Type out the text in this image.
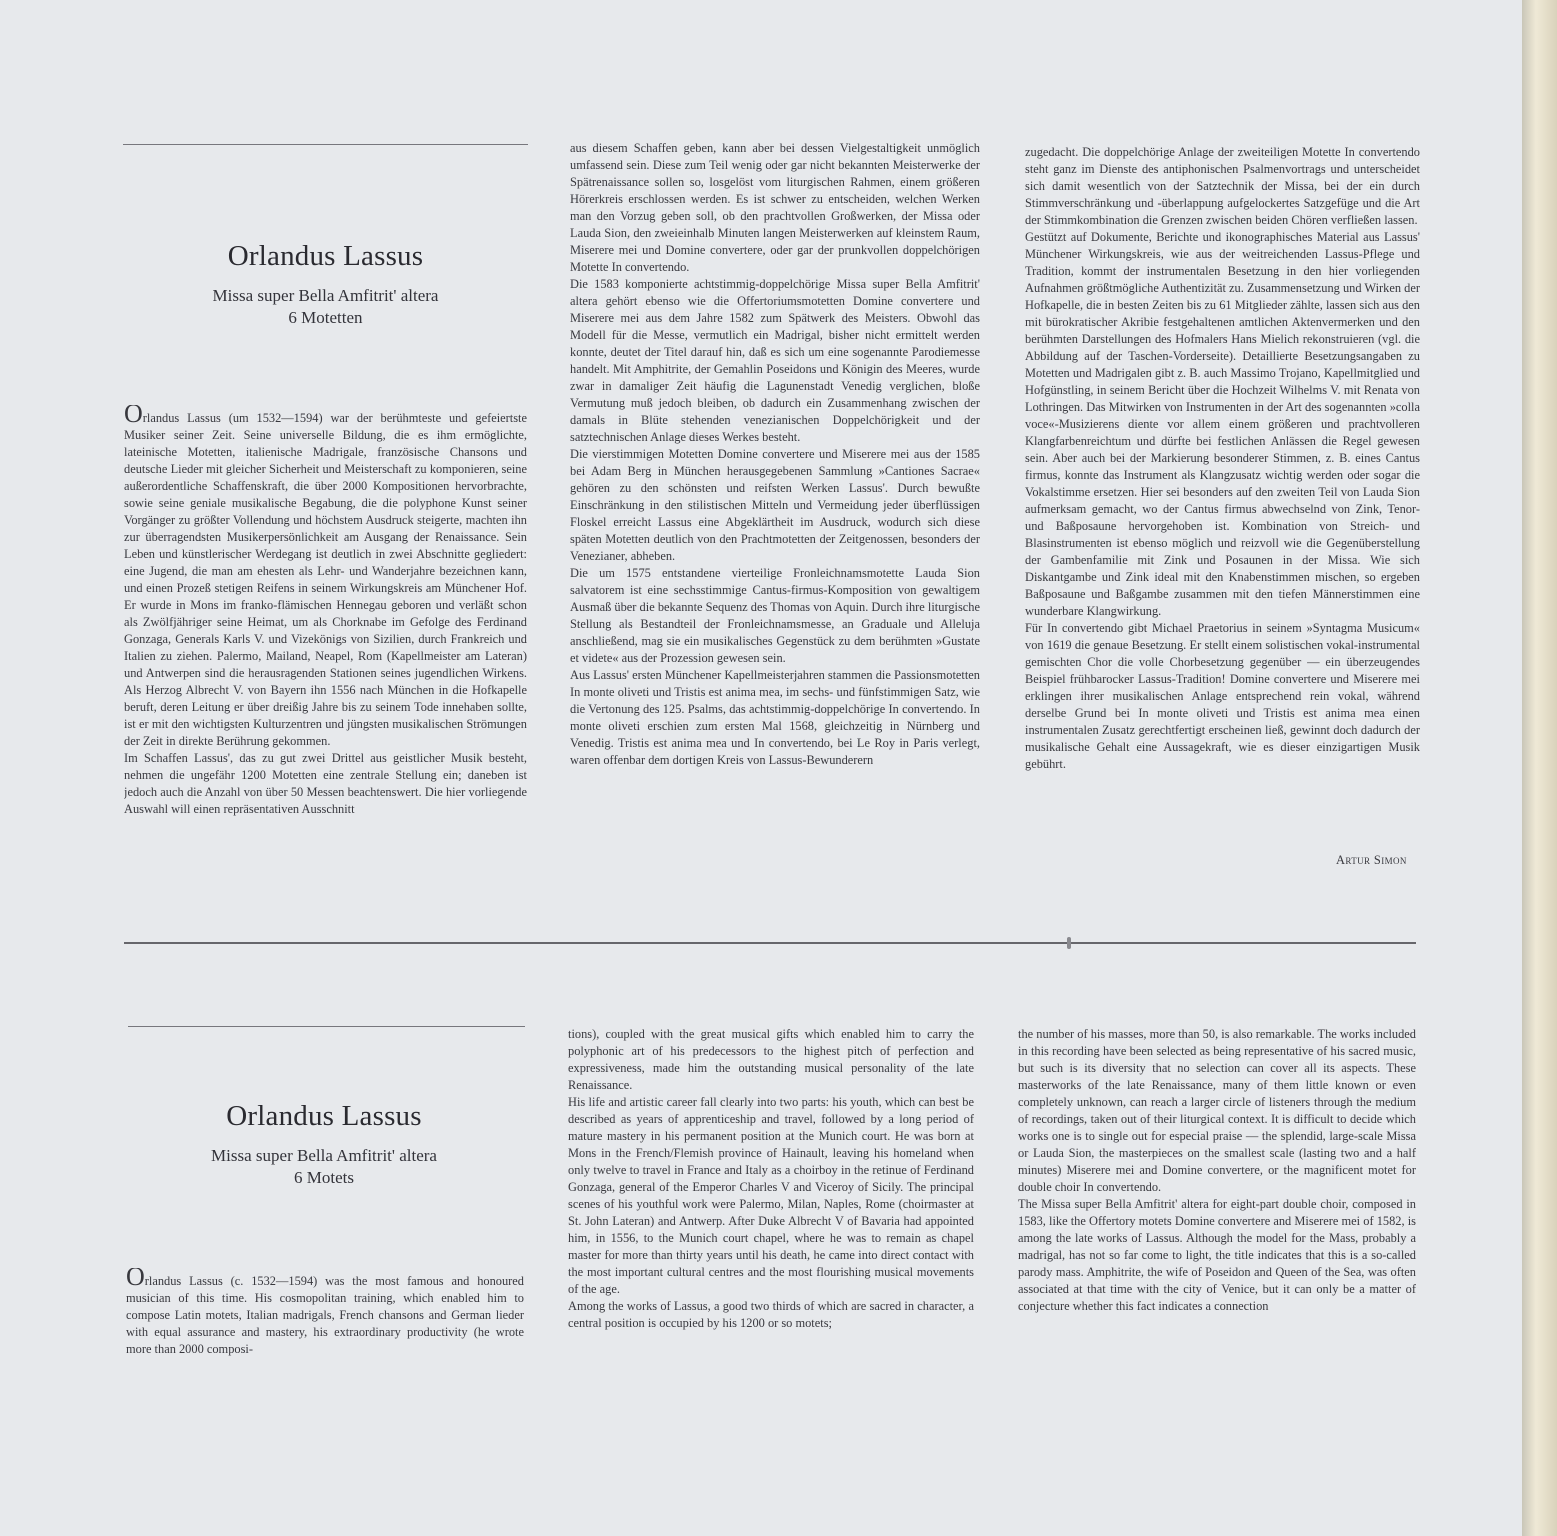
Orlandus Lassus
Missa super Bella Amfitrit' altera
6 Motetten

Orlandus Lassus (um 1532—1594) war der berühmteste und gefeiertste Musiker seiner Zeit. Seine universelle Bildung, die es ihm ermöglichte, lateinische Motetten, italienische Madrigale, französische Chansons und deutsche Lieder mit gleicher Sicherheit und Meisterschaft zu komponieren, seine außerordentliche Schaffenskraft, die über 2000 Kompositionen hervorbrachte, sowie seine geniale musikalische Begabung, die die polyphone Kunst seiner Vorgänger zu größter Vollendung und höchstem Ausdruck steigerte, machten ihn zur überragendsten Musikerpersönlichkeit am Ausgang der Renaissance. Sein Leben und künstlerischer Werdegang ist deutlich in zwei Abschnitte gegliedert: eine Jugend, die man am ehesten als Lehr- und Wanderjahre bezeichnen kann, und einen Prozeß stetigen Reifens in seinem Wirkungskreis am Münchener Hof. Er wurde in Mons im franko-flämischen Hennegau geboren und verläßt schon als Zwölfjähriger seine Heimat, um als Chorknabe im Gefolge des Ferdinand Gonzaga, Generals Karls V. und Vizekönigs von Sizilien, durch Frankreich und Italien zu ziehen. Palermo, Mailand, Neapel, Rom (Kapellmeister am Lateran) und Antwerpen sind die herausragenden Stationen seines jugendlichen Wirkens. Als Herzog Albrecht V. von Bayern ihn 1556 nach München in die Hofkapelle beruft, deren Leitung er über dreißig Jahre bis zu seinem Tode innehaben sollte, ist er mit den wichtigsten Kulturzentren und jüngsten musikalischen Strömungen der Zeit in direkte Berührung gekommen.

Im Schaffen Lassus', das zu gut zwei Drittel aus geistlicher Musik besteht, nehmen die ungefähr 1200 Motetten eine zentrale Stellung ein; daneben ist jedoch auch die Anzahl von über 50 Messen beachtenswert. Die hier vorliegende Auswahl will einen repräsentativen Ausschnitt

aus diesem Schaffen geben, kann aber bei dessen Vielgestaltigkeit unmöglich umfassend sein. Diese zum Teil wenig oder gar nicht bekannten Meisterwerke der Spätrenaissance sollen so, losgelöst vom liturgischen Rahmen, einem größeren Hörerkreis erschlossen werden. Es ist schwer zu entscheiden, welchen Werken man den Vorzug geben soll, ob den prachtvollen Großwerken, der Missa oder Lauda Sion, den zweieinhalb Minuten langen Meisterwerken auf kleinstem Raum, Miserere mei und Domine convertere, oder gar der prunkvollen doppelchörigen Motette In convertendo.

Die 1583 komponierte achtstimmig-doppelchörige Missa super Bella Amfitrit' altera gehört ebenso wie die Offertoriumsmotetten Domine convertere und Miserere mei aus dem Jahre 1582 zum Spätwerk des Meisters. Obwohl das Modell für die Messe, vermutlich ein Madrigal, bisher nicht ermittelt werden konnte, deutet der Titel darauf hin, daß es sich um eine sogenannte Parodiemesse handelt. Mit Amphitrite, der Gemahlin Poseidons und Königin des Meeres, wurde zwar in damaliger Zeit häufig die Lagunenstadt Venedig verglichen, bloße Vermutung muß jedoch bleiben, ob dadurch ein Zusammenhang zwischen der damals in Blüte stehenden venezianischen Doppelchörigkeit und der satztechnischen Anlage dieses Werkes besteht.

Die vierstimmigen Motetten Domine convertere und Miserere mei aus der 1585 bei Adam Berg in München herausgegebenen Sammlung »Cantiones Sacrae« gehören zu den schönsten und reifsten Werken Lassus'. Durch bewußte Einschränkung in den stilistischen Mitteln und Vermeidung jeder überflüssigen Floskel erreicht Lassus eine Abgeklärtheit im Ausdruck, wodurch sich diese späten Motetten deutlich von den Prachtmotetten der Zeitgenossen, besonders der Venezianer, abheben.

Die um 1575 entstandene vierteilige Fronleichnamsmotette Lauda Sion salvatorem ist eine sechsstimmige Cantus-firmus-Komposition von gewaltigem Ausmaß über die bekannte Sequenz des Thomas von Aquin. Durch ihre liturgische Stellung als Bestandteil der Fronleichnamsmesse, an Graduale und Alleluja anschließend, mag sie ein musikalisches Gegenstück zu dem berühmten »Gustate et videte« aus der Prozession gewesen sein.

Aus Lassus' ersten Münchener Kapellmeisterjahren stammen die Passionsmotetten In monte oliveti und Tristis est anima mea, im sechs- und fünfstimmigen Satz, wie die Vertonung des 125. Psalms, das achtstimmig-doppelchörige In convertendo. In monte oliveti erschien zum ersten Mal 1568, gleichzeitig in Nürnberg und Venedig. Tristis est anima mea und In convertendo, bei Le Roy in Paris verlegt, waren offenbar dem dortigen Kreis von Lassus-Bewunderern

zugedacht. Die doppelchörige Anlage der zweiteiligen Motette In convertendo steht ganz im Dienste des antiphonischen Psalmenvortrags und unterscheidet sich damit wesentlich von der Satztechnik der Missa, bei der ein durch Stimmverschränkung und -überlappung aufgelockertes Satzgefüge und die Art der Stimmkombination die Grenzen zwischen beiden Chören verfließen lassen.

Gestützt auf Dokumente, Berichte und ikonographisches Material aus Lassus' Münchener Wirkungskreis, wie aus der weitreichenden Lassus-Pflege und Tradition, kommt der instrumentalen Besetzung in den hier vorliegenden Aufnahmen größtmögliche Authentizität zu. Zusammensetzung und Wirken der Hofkapelle, die in besten Zeiten bis zu 61 Mitglieder zählte, lassen sich aus den mit bürokratischer Akribie festgehaltenen amtlichen Aktenvermerken und den berühmten Darstellungen des Hofmalers Hans Mielich rekonstruieren (vgl. die Abbildung auf der Taschen-Vorderseite). Detaillierte Besetzungsangaben zu Motetten und Madrigalen gibt z. B. auch Massimo Trojano, Kapellmitglied und Hofgünstling, in seinem Bericht über die Hochzeit Wilhelms V. mit Renata von Lothringen. Das Mitwirken von Instrumenten in der Art des sogenannten »colla voce«-Musizierens diente vor allem einem größeren und prachtvolleren Klangfarbenreichtum und dürfte bei festlichen Anlässen die Regel gewesen sein. Aber auch bei der Markierung besonderer Stimmen, z. B. eines Cantus firmus, konnte das Instrument als Klangzusatz wichtig werden oder sogar die Vokalstimme ersetzen. Hier sei besonders auf den zweiten Teil von Lauda Sion aufmerksam gemacht, wo der Cantus firmus abwechselnd von Zink, Tenor- und Baßposaune hervorgehoben ist. Kombination von Streich- und Blasinstrumenten ist ebenso möglich und reizvoll wie die Gegenüberstellung der Gambenfamilie mit Zink und Posaunen in der Missa. Wie sich Diskantgambe und Zink ideal mit den Knabenstimmen mischen, so ergeben Baßposaune und Baßgambe zusammen mit den tiefen Männerstimmen eine wunderbare Klangwirkung.

Für In convertendo gibt Michael Praetorius in seinem »Syntagma Musicum« von 1619 die genaue Besetzung. Er stellt einem solistischen vokal-instrumental gemischten Chor die volle Chorbesetzung gegenüber — ein überzeugendes Beispiel frühbarocker Lassus-Tradition! Domine convertere und Miserere mei erklingen ihrer musikalischen Anlage entsprechend rein vokal, während derselbe Grund bei In monte oliveti und Tristis est anima mea einen instrumentalen Zusatz gerechtfertigt erscheinen ließ, gewinnt doch dadurch der musikalische Gehalt eine Aussagekraft, wie es dieser einzigartigen Musik gebührt.

Artur Simon
Orlandus Lassus
Missa super Bella Amfitrit' altera
6 Motets

Orlandus Lassus (c. 1532—1594) was the most famous and honoured musician of this time. His cosmopolitan training, which enabled him to compose Latin motets, Italian madrigals, French chansons and German lieder with equal assurance and mastery, his extraordinary productivity (he wrote more than 2000 composi-

tions), coupled with the great musical gifts which enabled him to carry the polyphonic art of his predecessors to the highest pitch of perfection and expressiveness, made him the outstanding musical personality of the late Renaissance.

His life and artistic career fall clearly into two parts: his youth, which can best be described as years of apprenticeship and travel, followed by a long period of mature mastery in his permanent position at the Munich court. He was born at Mons in the French/Flemish province of Hainault, leaving his homeland when only twelve to travel in France and Italy as a choirboy in the retinue of Ferdinand Gonzaga, general of the Emperor Charles V and Viceroy of Sicily. The principal scenes of his youthful work were Palermo, Milan, Naples, Rome (choirmaster at St. John Lateran) and Antwerp. After Duke Albrecht V of Bavaria had appointed him, in 1556, to the Munich court chapel, where he was to remain as chapel master for more than thirty years until his death, he came into direct contact with the most important cultural centres and the most flourishing musical movements of the age.

Among the works of Lassus, a good two thirds of which are sacred in character, a central position is occupied by his 1200 or so motets;

the number of his masses, more than 50, is also remarkable. The works included in this recording have been selected as being representative of his sacred music, but such is its diversity that no selection can cover all its aspects. These masterworks of the late Renaissance, many of them little known or even completely unknown, can reach a larger circle of listeners through the medium of recordings, taken out of their liturgical context. It is difficult to decide which works one is to single out for especial praise — the splendid, large-scale Missa or Lauda Sion, the masterpieces on the smallest scale (lasting two and a half minutes) Miserere mei and Domine convertere, or the magnificent motet for double choir In convertendo.

The Missa super Bella Amfitrit' altera for eight-part double choir, composed in 1583, like the Offertory motets Domine convertere and Miserere mei of 1582, is among the late works of Lassus. Although the model for the Mass, probably a madrigal, has not so far come to light, the title indicates that this is a so-called parody mass. Amphitrite, the wife of Poseidon and Queen of the Sea, was often associated at that time with the city of Venice, but it can only be a matter of conjecture whether this fact indicates a connection
